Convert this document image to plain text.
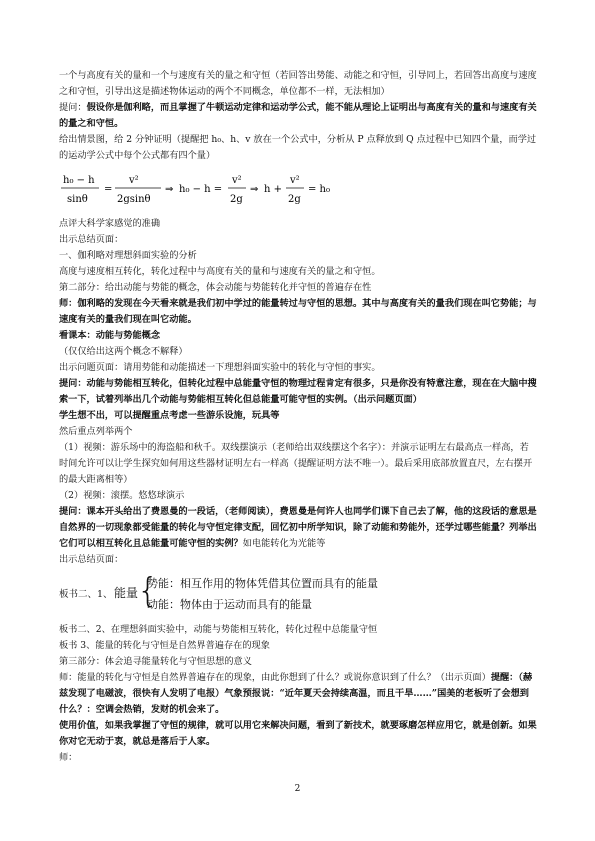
一个与高度有关的量和一个与速度有关的量之和守恒（若回答出势能、动能之和守恒，引导同上，若回答出高度与速度之和守恒，引导出这是描述物体运动的两个不同概念，单位都不一样，无法相加）

提问：假设你是伽利略，而且掌握了牛顿运动定律和运动学公式，能不能从理论上证明出与高度有关的量和与速度有关的量之和守恒。

给出情景图，给 2 分钟证明（提醒把 h₀、h、v 放在一个公式中，分析从 P 点释放到 Q 点过程中已知四个量，而学过的运动学公式中每个公式都有四个量）

h₀ − h
sinθ
=
v²
2gsinθ
⇒ h₀ − h =
v²
2g
⇒ h +
v²
2g
= h₀

点评大科学家感觉的准确

出示总结页面：

一、伽利略对理想斜面实验的分析

高度与速度相互转化，转化过程中与高度有关的量和与速度有关的量之和守恒。

第二部分：给出动能与势能的概念，体会动能与势能转化并守恒的普遍存在性

师：伽利略的发现在今天看来就是我们初中学过的能量转过与守恒的思想。其中与高度有关的量我们现在叫它势能；与速度有关的量我们现在叫它动能。

看课本：动能与势能概念

（仅仅给出这两个概念不解释）

出示问题页面：请用势能和动能描述一下理想斜面实验中的转化与守恒的事实。

提问：动能与势能相互转化，但转化过程中总能量守恒的物理过程肯定有很多，只是你没有特意注意，现在在大脑中搜索一下，试着列举出几个动能与势能相互转化但总能量可能守恒的实例。（出示问题页面）

学生想不出，可以提醒重点考虑一些游乐设施，玩具等

然后重点列举两个

（1）视频：游乐场中的海盗船和秋千。双线摆演示（老师给出双线摆这个名字）：并演示证明左右最高点一样高，若时间允许可以让学生探究如何用这些器材证明左右一样高（提醒证明方法不唯一）。最后采用底部放置直尺，左右摆开的最大距离相等）

（2）视频：滚摆。悠悠球演示

提问：课本开头给出了费恩曼的一段话，（老师阅读），费恩曼是何许人也同学们课下自己去了解，他的这段话的意思是自然界的一切现象都受能量的转化与守恒定律支配，回忆初中所学知识，除了动能和势能外，还学过哪些能量？列举出它们可以相互转化且总能量可能守恒的实例？如电能转化为光能等

出示总结页面：

板书二、1、 能量
{
势能：相互作用的物体凭借其位置而具有的能量
动能：物体由于运动而具有的能量

板书二、2、在理想斜面实验中，动能与势能相互转化，转化过程中总能量守恒

板书 3、能量的转化与守恒是自然界普遍存在的现象

第三部分：体会追寻能量转化与守恒思想的意义

师：能量的转化与守恒是自然界普遍存在的现象，由此你想到了什么？或说你意识到了什么？（出示页面）提醒：（赫兹发现了电磁波，很快有人发明了电报）气象预报说：“近年夏天会持续高温，而且干旱……”国美的老板听了会想到什么？：空调会热销，发财的机会来了。

使用价值，如果我掌握了守恒的规律，就可以用它来解决问题，看到了新技术，就要琢磨怎样应用它，就是创新。如果你对它无动于衷，就总是落后于人家。

师：

2
